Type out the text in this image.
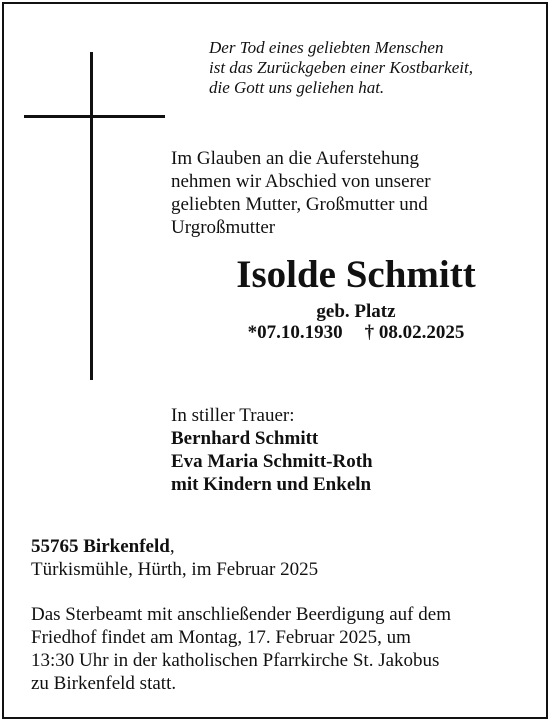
Der Tod eines geliebten Menschen
ist das Zurückgeben einer Kostbarkeit,
die Gott uns geliehen hat.
Im Glauben an die Auferstehung
nehmen wir Abschied von unserer
geliebten Mutter, Großmutter und
Urgroßmutter
Isolde Schmitt
geb. Platz
*07.10.1930 † 08.02.2025
In stiller Trauer:
Bernhard Schmitt
Eva Maria Schmitt-Roth
mit Kindern und Enkeln
55765 Birkenfeld,
Türkismühle, Hürth, im Februar 2025
Das Sterbeamt mit anschließender Beerdigung auf dem
Friedhof findet am Montag, 17. Februar 2025, um
13:30 Uhr in der katholischen Pfarrkirche St. Jakobus
zu Birkenfeld statt.
